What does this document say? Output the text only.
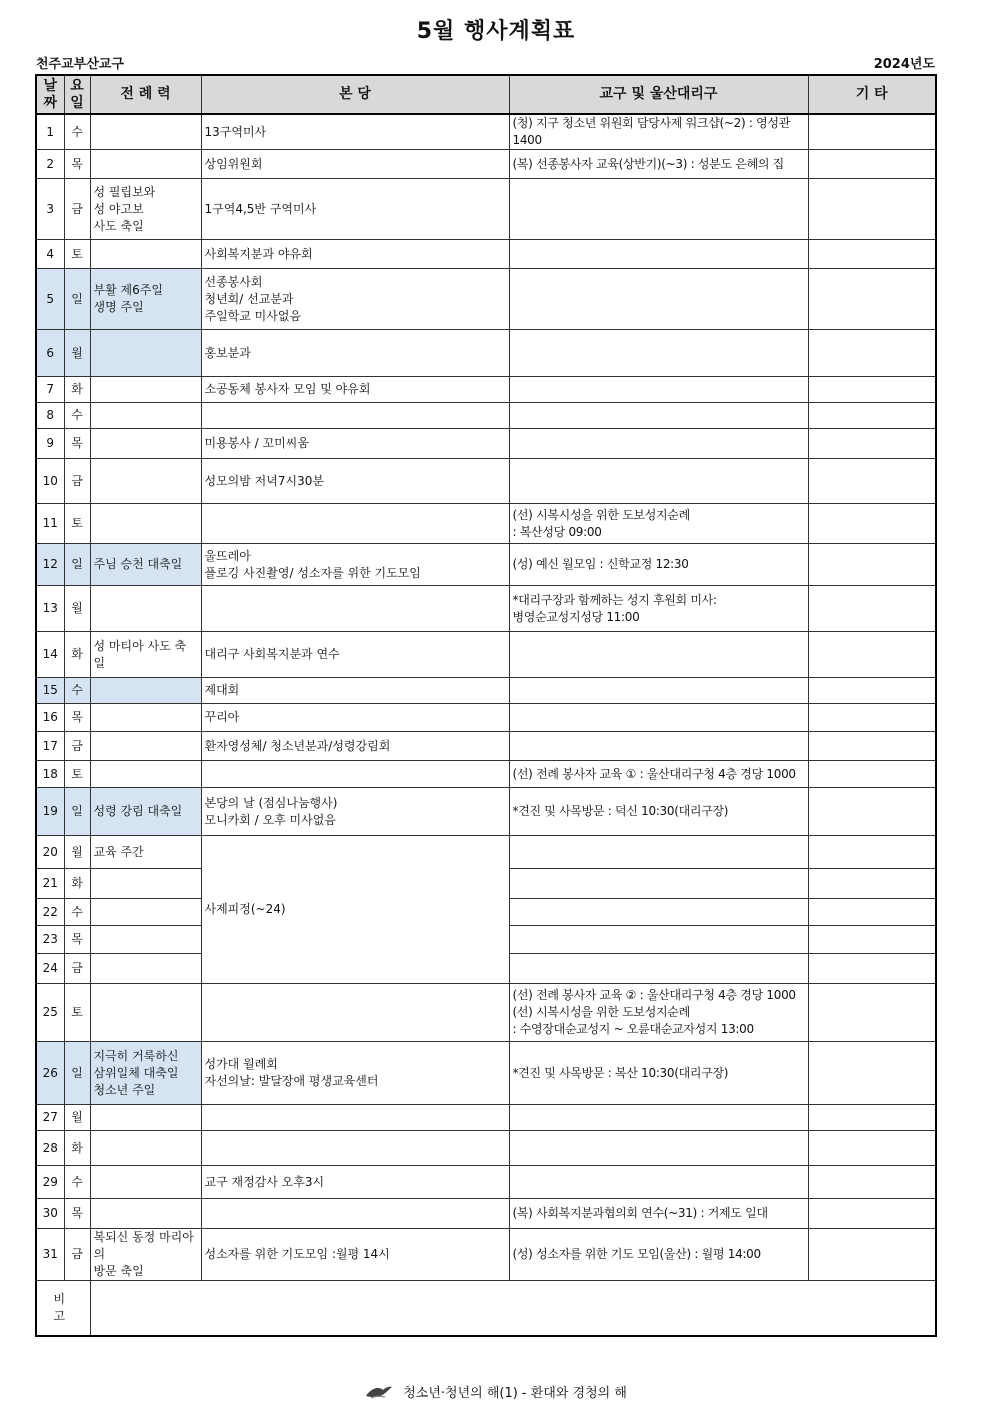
5월 행사계획표
천주교부산교구	2024년도
날
짜	요
일	전 례 력	본 당	교구 및 울산대리구	기 타
1	수		13구역미사	(청) 지구 청소년 위원회 담당사제 워크샵(~2) : 영성관 1400	
2	목		상임위원회	(복) 선종봉사자 교육(상반기)(~3) : 성분도 은혜의 집	
3	금	성 필립보와
성 야고보
사도 축일	1구역4,5반 구역미사		
4	토		사회복지분과 야유회		
5	일	부활 제6주일
생명 주일	선종봉사회
청년회/ 선교분과
주일학교 미사없음		
6	월		홍보분과		
7	화		소공동체 봉사자 모임 및 야유회		
8	수				
9	목		미용봉사 / 꼬미씨움		
10	금		성모의밤 저녁7시30분		
11	토			(선) 시복시성을 위한 도보성지순례
: 복산성당 09:00	
12	일	주님 승천 대축일	울뜨레아
플로깅 사진촬영/ 성소자를 위한 기도모임	(성) 예신 월모임 : 신학교정 12:30	
13	월			*대리구장과 함께하는 성지 후원회 미사:
병영순교성지성당 11:00	
14	화	성 마티아 사도 축일	대리구 사회복지분과 연수		
15	수		제대회		
16	목		꾸리아		
17	금		환자영성체/ 청소년분과/성령강림회		
18	토			(선) 전례 봉사자 교육 ① : 울산대리구청 4층 경당 1000	
19	일	성령 강림 대축일	본당의 날 (점심나눔행사)
모니카회 / 오후 미사없음	*견진 및 사목방문 : 덕신 10:30(대리구장)	
20	월	교육 주간	사제피정(~24)		
21	화				
22	수				
23	목				
24	금				
25	토			(선) 전례 봉사자 교육 ② : 울산대리구청 4층 경당 1000
(선) 시복시성을 위한 도보성지순례
: 수영장대순교성지 ~ 오륜대순교자성지 13:00	
26	일	지극히 거룩하신
삼위일체 대축일
청소년 주일	성가대 월례회
자선의날: 발달장애 평생교육센터	*견진 및 사목방문 : 복산 10:30(대리구장)	
27	월				
28	화				
29	수		교구 재정감사 오후3시		
30	목			(복) 사회복지분과협의회 연수(~31) : 거제도 일대	
31	금	복되신 동정 마리아의
방문 축일	성소자를 위한 기도모임 :월평 14시	(성) 성소자를 위한 기도 모임(울산) : 월평 14:00	
비 고					
청소년·청년의 해(1) - 환대와 경청의 해
